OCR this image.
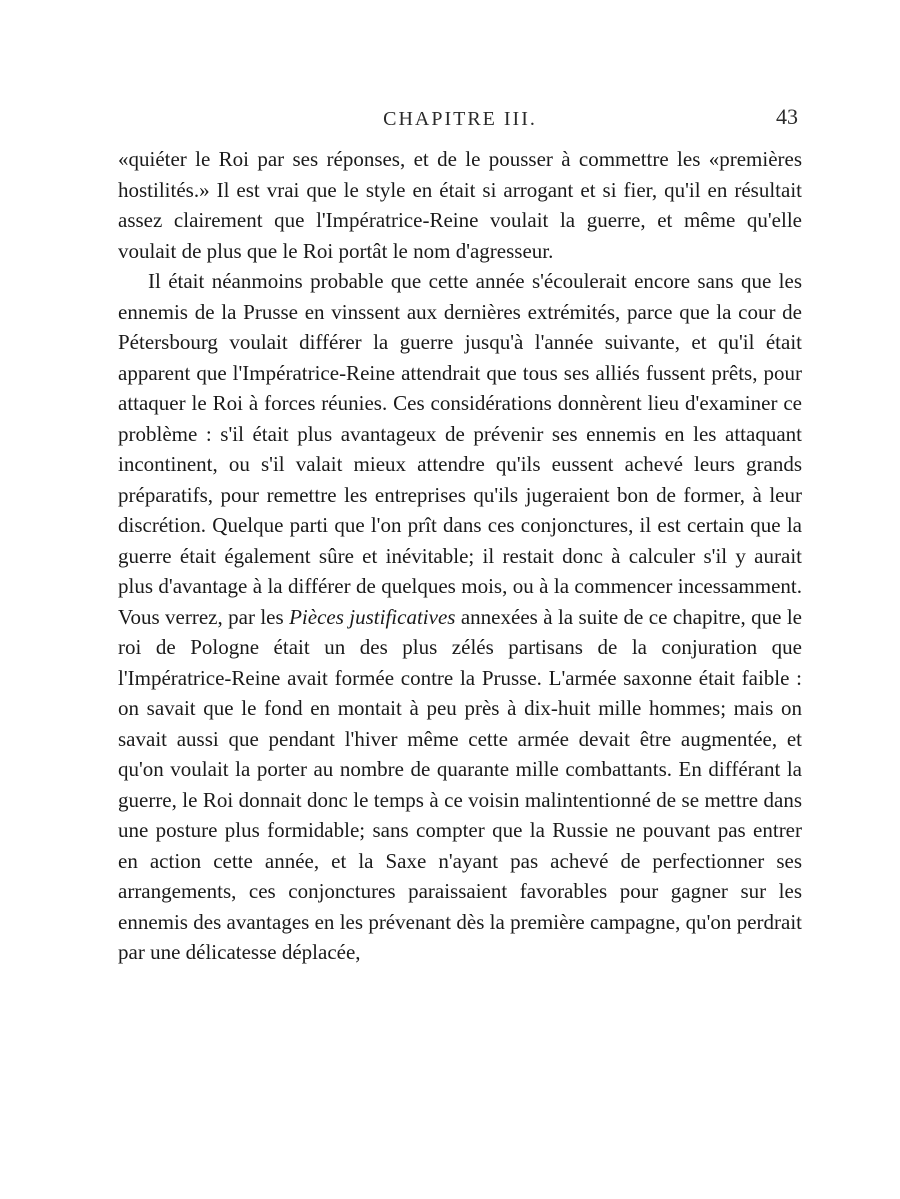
CHAPITRE III.	43

«quiéter le Roi par ses réponses, et de le pousser à commettre les «premières hostilités.» Il est vrai que le style en était si arrogant et si fier, qu'il en résultait assez clairement que l'Impératrice-Reine voulait la guerre, et même qu'elle voulait de plus que le Roi portât le nom d'agresseur.

Il était néanmoins probable que cette année s'écoulerait encore sans que les ennemis de la Prusse en vinssent aux dernières extrémités, parce que la cour de Pétersbourg voulait différer la guerre jusqu'à l'année suivante, et qu'il était apparent que l'Impératrice-Reine attendrait que tous ses alliés fussent prêts, pour attaquer le Roi à forces réunies. Ces considérations donnèrent lieu d'examiner ce problème : s'il était plus avantageux de prévenir ses ennemis en les attaquant incontinent, ou s'il valait mieux attendre qu'ils eussent achevé leurs grands préparatifs, pour remettre les entreprises qu'ils jugeraient bon de former, à leur discrétion. Quelque parti que l'on prît dans ces conjonctures, il est certain que la guerre était également sûre et inévitable; il restait donc à calculer s'il y aurait plus d'avantage à la différer de quelques mois, ou à la commencer incessamment. Vous verrez, par les Pièces justificatives annexées à la suite de ce chapitre, que le roi de Pologne était un des plus zélés partisans de la conjuration que l'Impératrice-Reine avait formée contre la Prusse. L'armée saxonne était faible : on savait que le fond en montait à peu près à dix-huit mille hommes; mais on savait aussi que pendant l'hiver même cette armée devait être augmentée, et qu'on voulait la porter au nombre de quarante mille combattants. En différant la guerre, le Roi donnait donc le temps à ce voisin malintentionné de se mettre dans une posture plus formidable; sans compter que la Russie ne pouvant pas entrer en action cette année, et la Saxe n'ayant pas achevé de perfectionner ses arrangements, ces conjonctures paraissaient favorables pour gagner sur les ennemis des avantages en les prévenant dès la première campagne, qu'on perdrait par une délicatesse déplacée,
